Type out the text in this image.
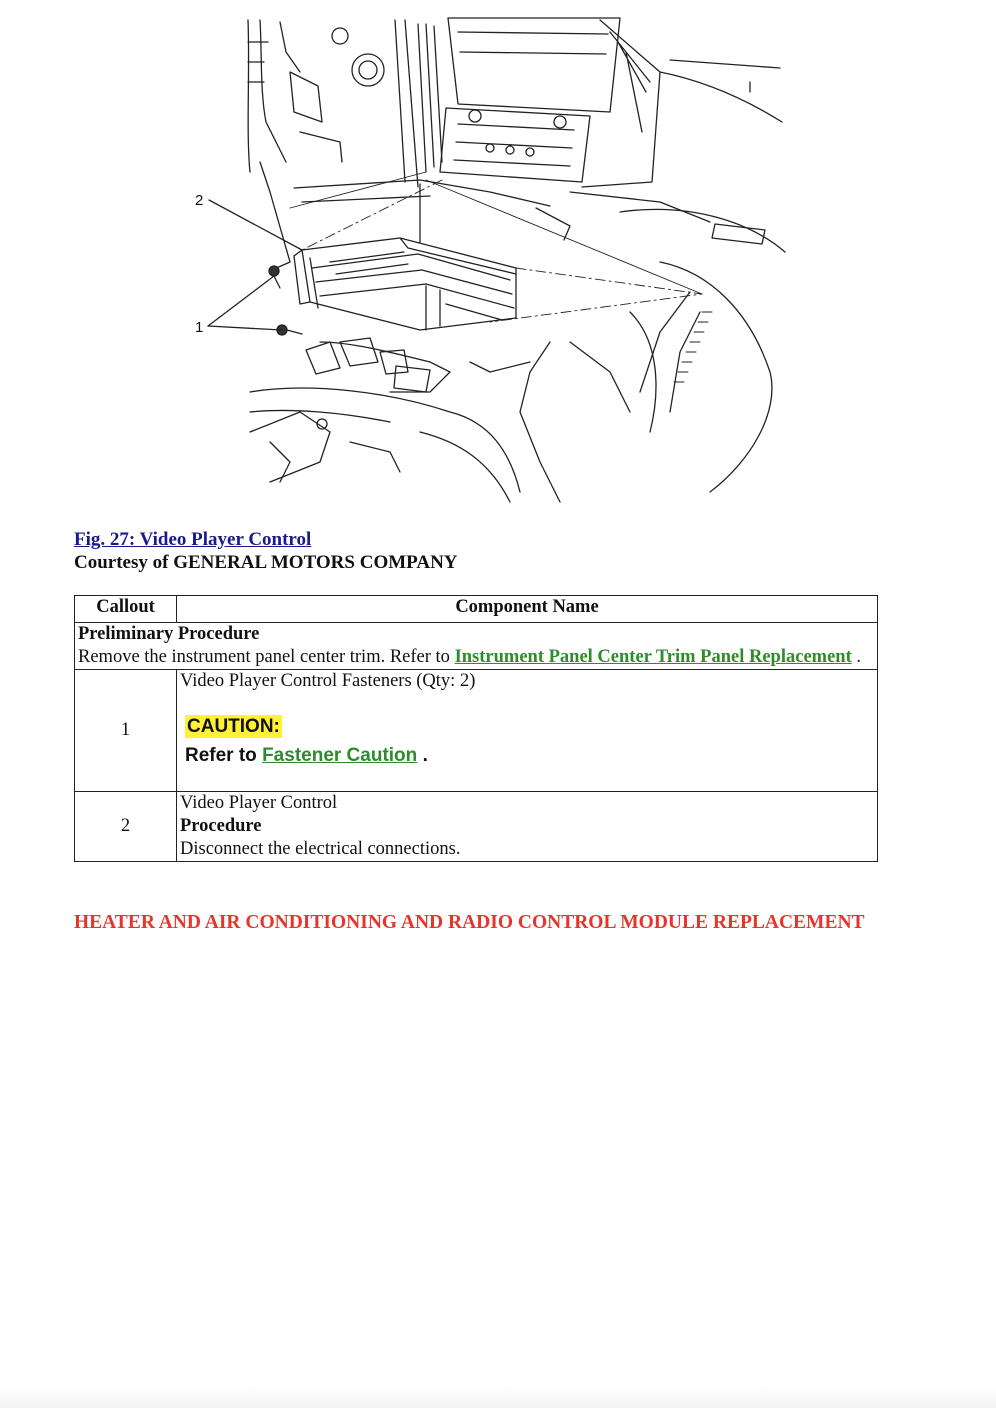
2
1
Fig. 27: Video Player Control
Courtesy of GENERAL MOTORS COMPANY
Callout	Component Name
Preliminary Procedure
Remove the instrument panel center trim. Refer to Instrument Panel Center Trim Panel Replacement .	
1	Video Player Control Fasteners (Qty: 2)
CAUTION:
Refer to Fastener Caution .

2	Video Player Control
Procedure
Disconnect the electrical connections.
HEATER AND AIR CONDITIONING AND RADIO CONTROL MODULE REPLACEMENT
